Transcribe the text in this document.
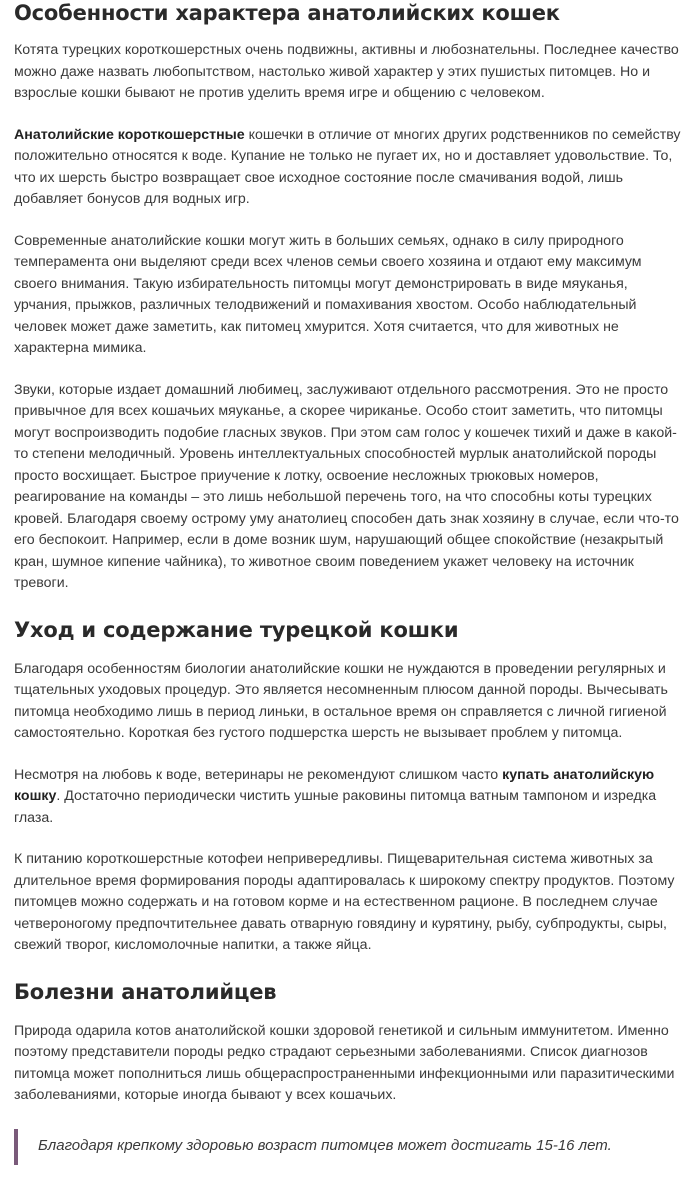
Особенности характера анатолийских кошек

Котята турецких короткошерстных очень подвижны, активны и любознательны. Последнее качество можно даже назвать любопытством, настолько живой характер у этих пушистых питомцев. Но и взрослые кошки бывают не против уделить время игре и общению с человеком.

Анатолийские короткошерстные кошечки в отличие от многих других родственников по семейству положительно относятся к воде. Купание не только не пугает их, но и доставляет удовольствие. То, что их шерсть быстро возвращает свое исходное состояние после смачивания водой, лишь добавляет бонусов для водных игр.

Современные анатолийские кошки могут жить в больших семьях, однако в силу природного темперамента они выделяют среди всех членов семьи своего хозяина и отдают ему максимум своего внимания. Такую избирательность питомцы могут демонстрировать в виде мяуканья, урчания, прыжков, различных телодвижений и помахивания хвостом. Особо наблюдательный человек может даже заметить, как питомец хмурится. Хотя считается, что для животных не характерна мимика.

Звуки, которые издает домашний любимец, заслуживают отдельного рассмотрения. Это не просто привычное для всех кошачьих мяуканье, а скорее чириканье. Особо стоит заметить, что питомцы могут воспроизводить подобие гласных звуков. При этом сам голос у кошечек тихий и даже в какой-то степени мелодичный. Уровень интеллектуальных способностей мурлык анатолийской породы просто восхищает. Быстрое приучение к лотку, освоение несложных трюковых номеров, реагирование на команды – это лишь небольшой перечень того, на что способны коты турецких кровей. Благодаря своему острому уму анатолиец способен дать знак хозяину в случае, если что-то его беспокоит. Например, если в доме возник шум, нарушающий общее спокойствие (незакрытый кран, шумное кипение чайника), то животное своим поведением укажет человеку на источник тревоги.

Уход и содержание турецкой кошки

Благодаря особенностям биологии анатолийские кошки не нуждаются в проведении регулярных и тщательных уходовых процедур. Это является несомненным плюсом данной породы. Вычесывать питомца необходимо лишь в период линьки, в остальное время он справляется с личной гигиеной самостоятельно. Короткая без густого подшерстка шерсть не вызывает проблем у питомца.

Несмотря на любовь к воде, ветеринары не рекомендуют слишком часто купать анатолийскую кошку. Достаточно периодически чистить ушные раковины питомца ватным тампоном и изредка глаза.

К питанию короткошерстные котофеи непривередливы. Пищеварительная система животных за длительное время формирования породы адаптировалась к широкому спектру продуктов. Поэтому питомцев можно содержать и на готовом корме и на естественном рационе. В последнем случае четвероногому предпочтительнее давать отварную говядину и курятину, рыбу, субпродукты, сыры, свежий творог, кисломолочные напитки, а также яйца.

Болезни анатолийцев

Природа одарила котов анатолийской кошки здоровой генетикой и сильным иммунитетом. Именно поэтому представители породы редко страдают серьезными заболеваниями. Список диагнозов питомца может пополниться лишь общераспространенными инфекционными или паразитическими заболеваниями, которые иногда бывают у всех кошачьих.

Благодаря крепкому здоровью возраст питомцев может достигать 15-16 лет.
